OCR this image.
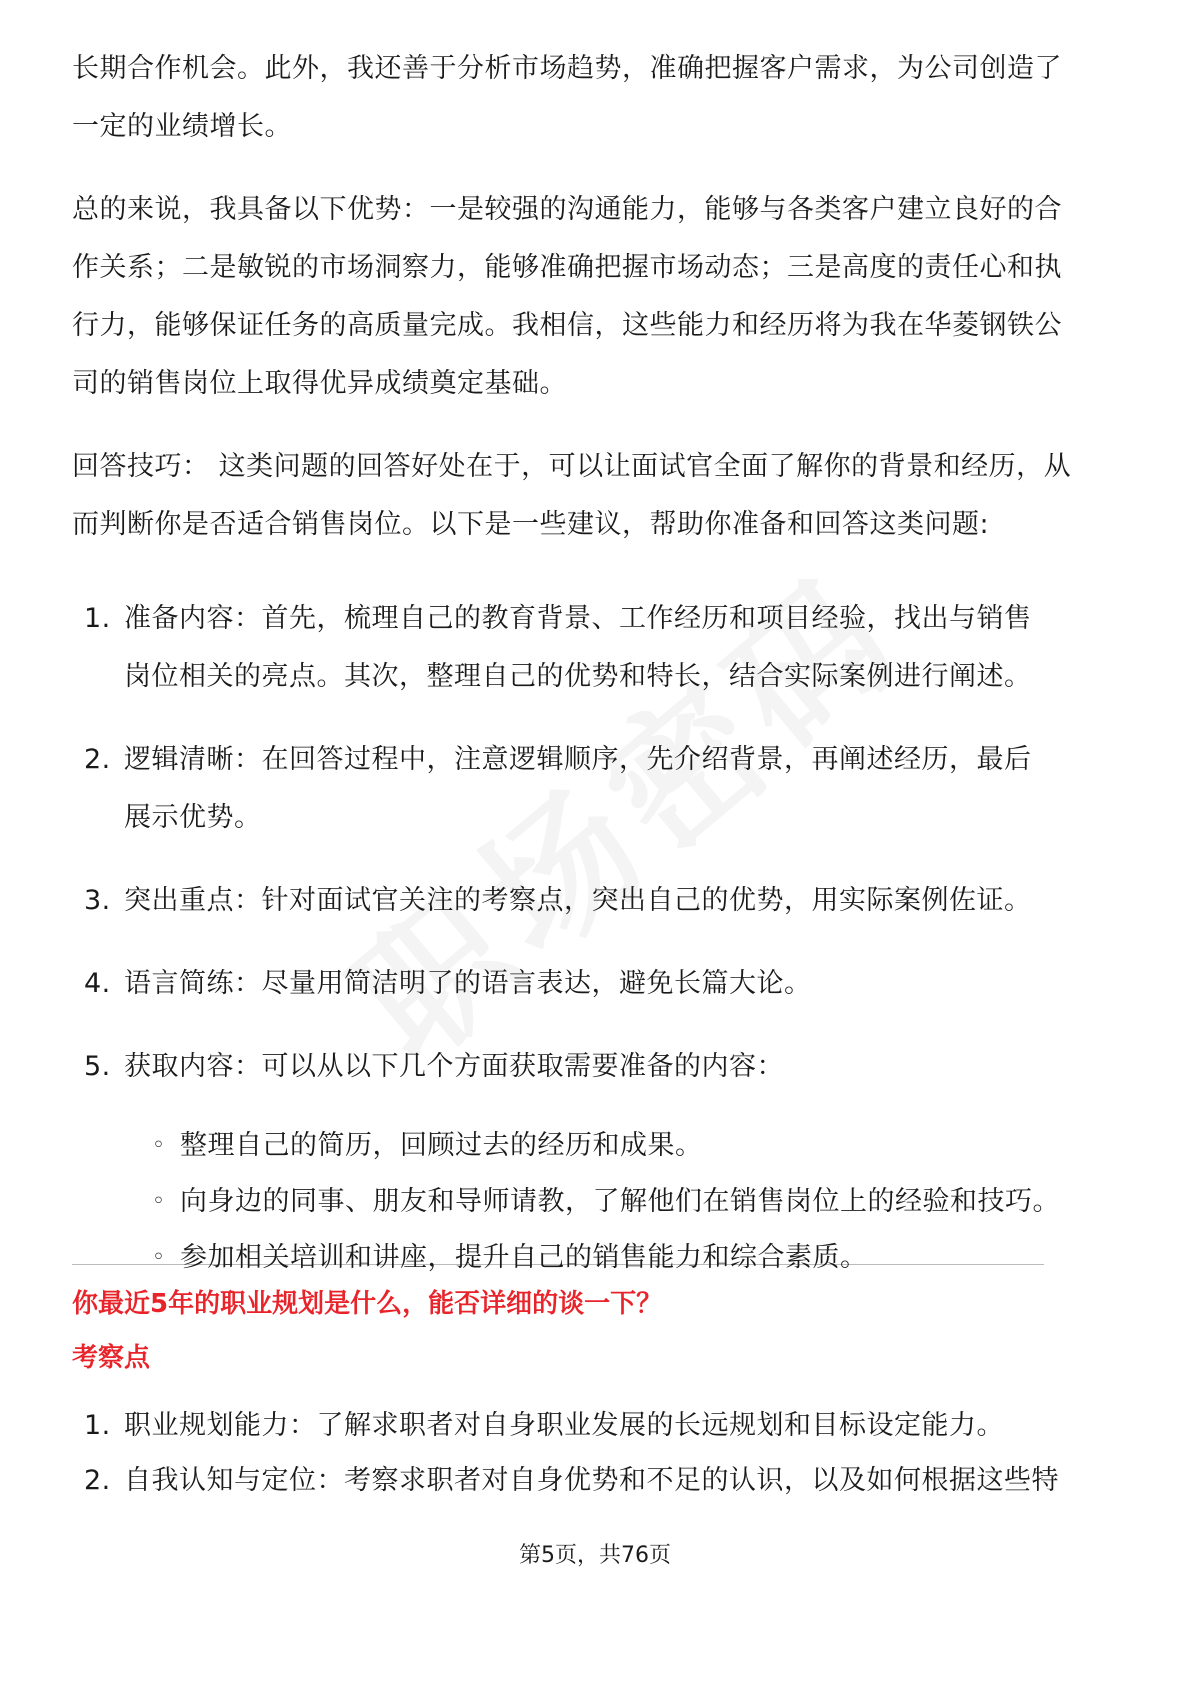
长期合作机会。此外，我还善于分析市场趋势，准确把握客户需求，为公司创造了一定的业绩增长。

总的来说，我具备以下优势：一是较强的沟通能力，能够与各类客户建立良好的合作关系；二是敏锐的市场洞察力，能够准确把握市场动态；三是高度的责任心和执行力，能够保证任务的高质量完成。我相信，这些能力和经历将为我在华菱钢铁公司的销售岗位上取得优异成绩奠定基础。

回答技巧： 这类问题的回答好处在于，可以让面试官全面了解你的背景和经历，从而判断你是否适合销售岗位。以下是一些建议，帮助你准备和回答这类问题:

1. 准备内容：首先，梳理自己的教育背景、工作经历和项目经验，找出与销售岗位相关的亮点。其次，整理自己的优势和特长，结合实际案例进行阐述。
2. 逻辑清晰：在回答过程中，注意逻辑顺序，先介绍背景，再阐述经历，最后展示优势。
3. 突出重点：针对面试官关注的考察点，突出自己的优势，用实际案例佐证。
4. 语言简练：尽量用简洁明了的语言表达，避免长篇大论。
5. 获取内容：可以从以下几个方面获取需要准备的内容：
◦ 整理自己的简历，回顾过去的经历和成果。
◦ 向身边的同事、朋友和导师请教，了解他们在销售岗位上的经验和技巧。
◦ 参加相关培训和讲座，提升自己的销售能力和综合素质。
你最近5年的职业规划是什么，能否详细的谈一下？
考察点
1. 职业规划能力：了解求职者对自身职业发展的长远规划和目标设定能力。
2. 自我认知与定位：考察求职者对自身优势和不足的认识，以及如何根据这些特
第5页，共76页
